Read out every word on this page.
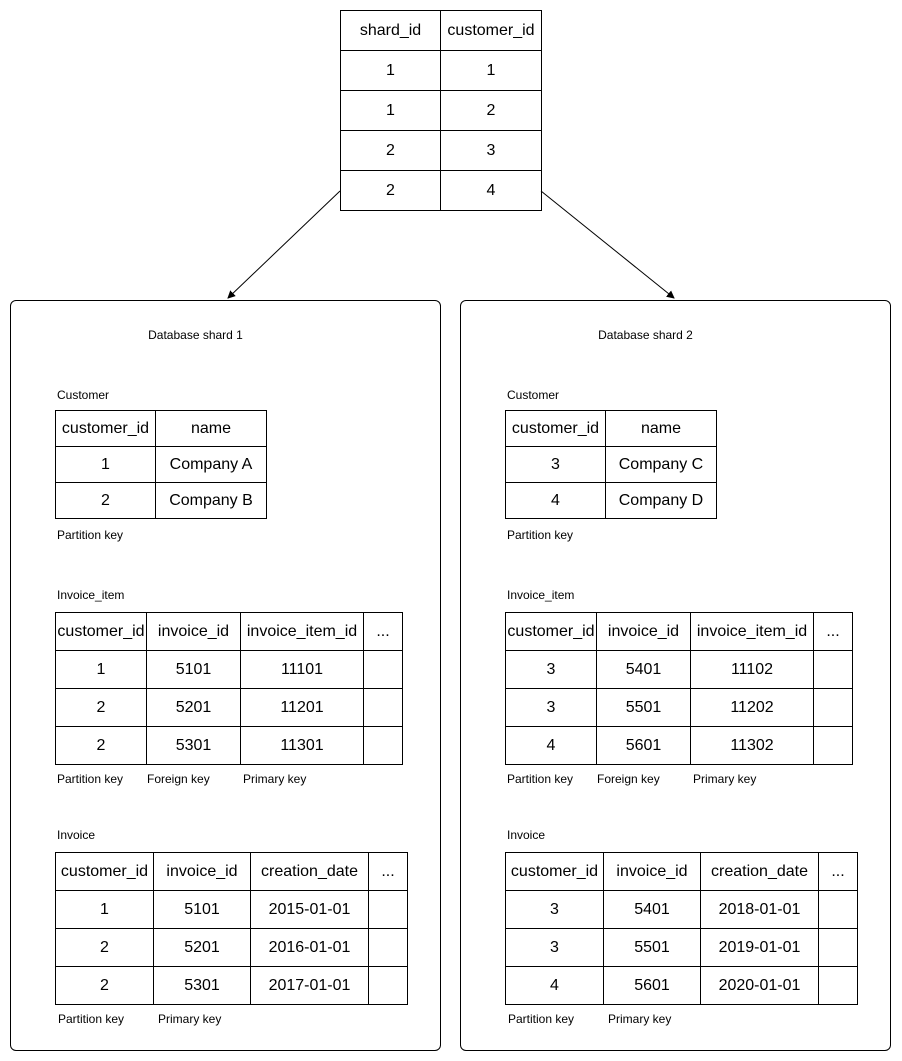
shard_id	customer_id
1	1
1	2
2	3
2	4
Database shard 1
Customer
customer_id	name
1	Company A
2	Company B
Partition key
Invoice_item
customer_id	invoice_id	invoice_item_id	...
1	5101	11101	
2	5201	11201	
2	5301	11301	
Partition key Foreign key	Primary key
Invoice
customer_id	invoice_id	creation_date	...
1	5101	2015-01-01	
2	5201	2016-01-01	
2	5301	2017-01-01	
Partition key	Primary key
Database shard 2
Customer
customer_id	name
3	Company C
4	Company D
Partition key
Invoice_item
customer_id	invoice_id	invoice_item_id	...
3	5401	11102	
3	5501	11202	
4	5601	11302	
Partition key Foreign key	Primary key
Invoice
customer_id	invoice_id	creation_date	...
3	5401	2018-01-01	
3	5501	2019-01-01	
4	5601	2020-01-01	
Partition key	Primary key
